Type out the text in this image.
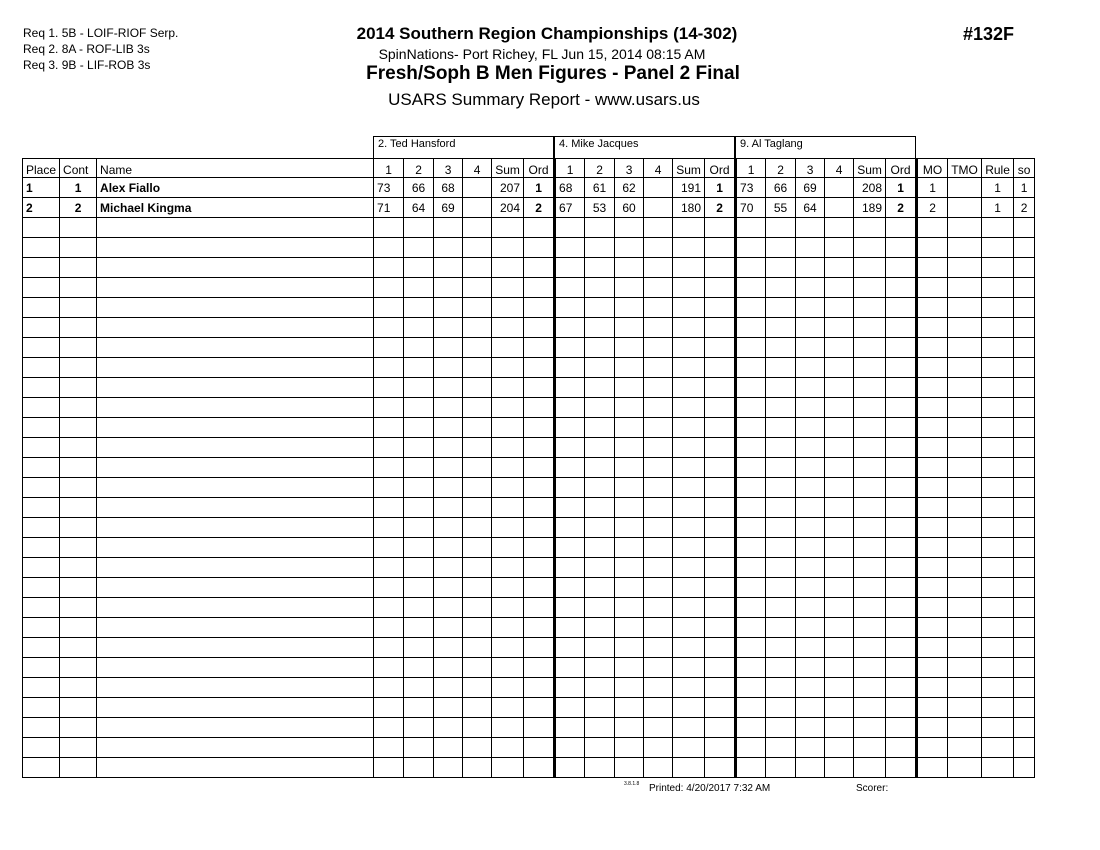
Req 1. 5B - LOIF-RIOF Serp.
Req 2. 8A - ROF-LIB 3s
Req 3. 9B - LIF-ROB 3s
2014 Southern Region Championships (14-302)
SpinNations- Port Richey, FL Jun 15, 2014 08:15 AM
Fresh/Soph B Men Figures - Panel 2 Final
USARS Summary Report - www.usars.us
#132F
2. Ted Hansford	4. Mike Jacques	9. Al Taglang
Place	Cont	Name	1	2	3	4	Sum	Ord	1	2	3	4	Sum	Ord	1	2	3	4	Sum	Ord	MO	TMO	Rule	so
1	1	Alex Fiallo	73	66	68		207	1	68	61	62		191	1	73	66	69		208	1	1		1	1
2	2	Michael Kingma	71	64	69		204	2	67	53	60		180	2	70	55	64		189	2	2		1	2

3.8.1.8 Printed: 4/20/2017 7:32 AM	Scorer:
